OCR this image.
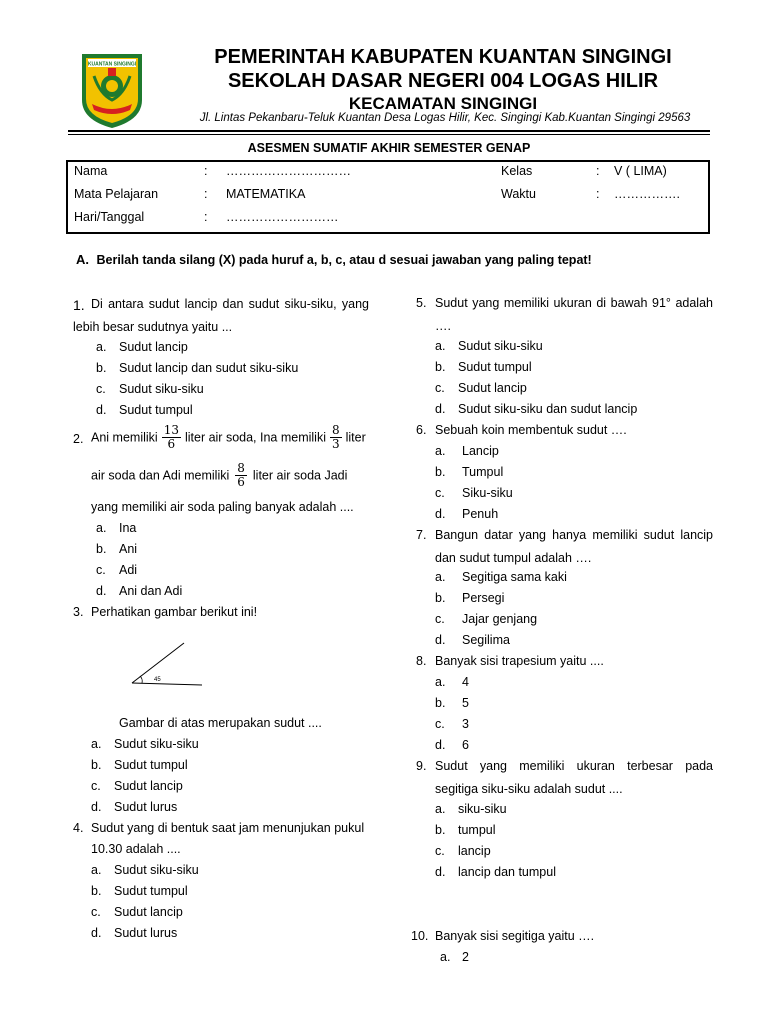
KUANTAN SINGINGI	PEMERINTAH KABUPATEN KUANTAN SINGINGI
SEKOLAH DASAR NEGERI 004 LOGAS HILIR
KECAMATAN SINGINGI
Jl. Lintas Pekanbaru-Teluk Kuantan Desa Logas Hilir, Kec. Singingi Kab.Kuantan Singingi 29563
ASESMEN SUMATIF AKHIR SEMESTER GENAP
Nama	: …………………………
Mata Pelajaran	: MATEMATIKA
Hari/Tanggal	: ………………………
Kelas	: V ( LIMA)
Waktu	: …………….
A. Berilah tanda silang (X) pada huruf a, b, c, atau d sesuai jawaban yang paling tepat!
1. Di antara sudut lancip dan sudut siku-siku, yang lebih besar sudutnya yaitu ...
a. Sudut lancip
b. Sudut lancip dan sudut siku-siku
c. Sudut siku-siku
d. Sudut tumpul
2. Ani memiliki $\frac{13}{6}$ liter air soda, Ina memiliki $\frac{8}{3}$ liter
air soda dan Adi memiliki $\frac{8}{6}$ liter air soda Jadi
yang memiliki air soda paling banyak adalah ....
a. Ina
b. Ani
c. Adi
d. Ani dan Adi
3. Perhatikan gambar berikut ini!
45
Gambar di atas merupakan sudut ....
a. Sudut siku-siku
b. Sudut tumpul
c. Sudut lancip
d. Sudut lurus
4. Sudut yang di bentuk saat jam menunjukan pukul
10.30 adalah ....
a. Sudut siku-siku
b. Sudut tumpul
c. Sudut lancip
d. Sudut lurus
5. Sudut yang memiliki ukuran di bawah 91° adalah ….
a. Sudut siku-siku
b. Sudut tumpul
c. Sudut lancip
d. Sudut siku-siku dan sudut lancip
6. Sebuah koin membentuk sudut ….
a. Lancip
b. Tumpul
c. Siku-siku
d. Penuh
7. Bangun datar yang hanya memiliki sudut lancip dan sudut tumpul adalah ….
a. Segitiga sama kaki
b. Persegi
c. Jajar genjang
d. Segilima
8. Banyak sisi trapesium yaitu ....
a. 4
b. 5
c. 3
d. 6
9. Sudut yang memiliki ukuran terbesar pada segitiga siku-siku adalah sudut ....
a. siku-siku
b. tumpul
c. lancip
d. lancip dan tumpul
10. Banyak sisi segitiga yaitu ….
a. 2
